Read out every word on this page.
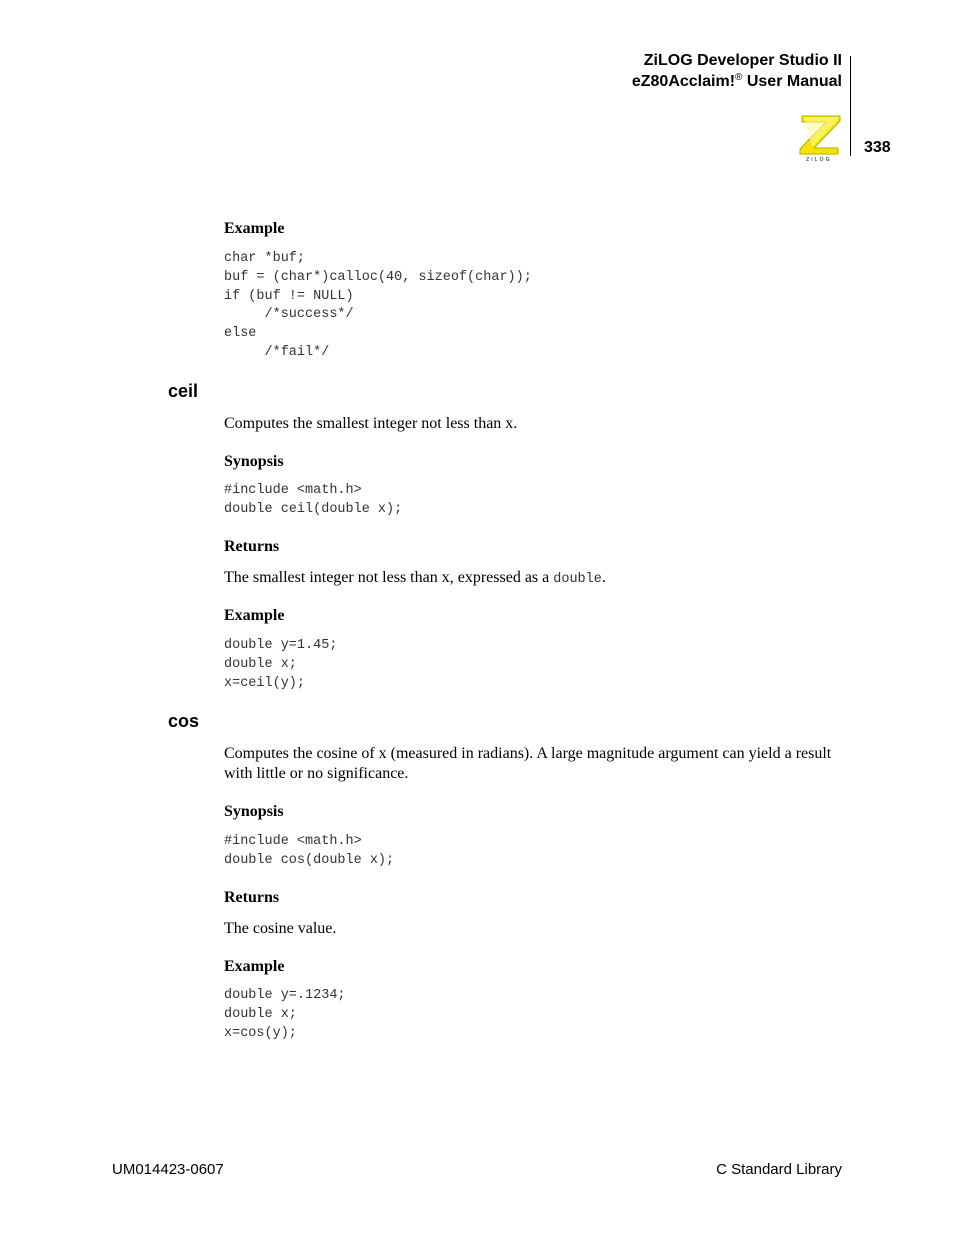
ZiLOG Developer Studio II
eZ80Acclaim!® User Manual
ZiLOG
338
Example
char *buf;
buf = (char*)calloc(40, sizeof(char));
if (buf != NULL)
/*success*/
else
/*fail*/
ceil
Computes the smallest integer not less than x.
Synopsis
#include <math.h>
double ceil(double x);
Returns
The smallest integer not less than x, expressed as a double.
Example
double y=1.45;
double x;
x=ceil(y);
cos
Computes the cosine of x (measured in radians). A large magnitude argument can yield a result with little or no significance.
Synopsis
#include <math.h>
double cos(double x);
Returns
The cosine value.
Example
double y=.1234;
double x;
x=cos(y);
UM014423-0607	C Standard Library
